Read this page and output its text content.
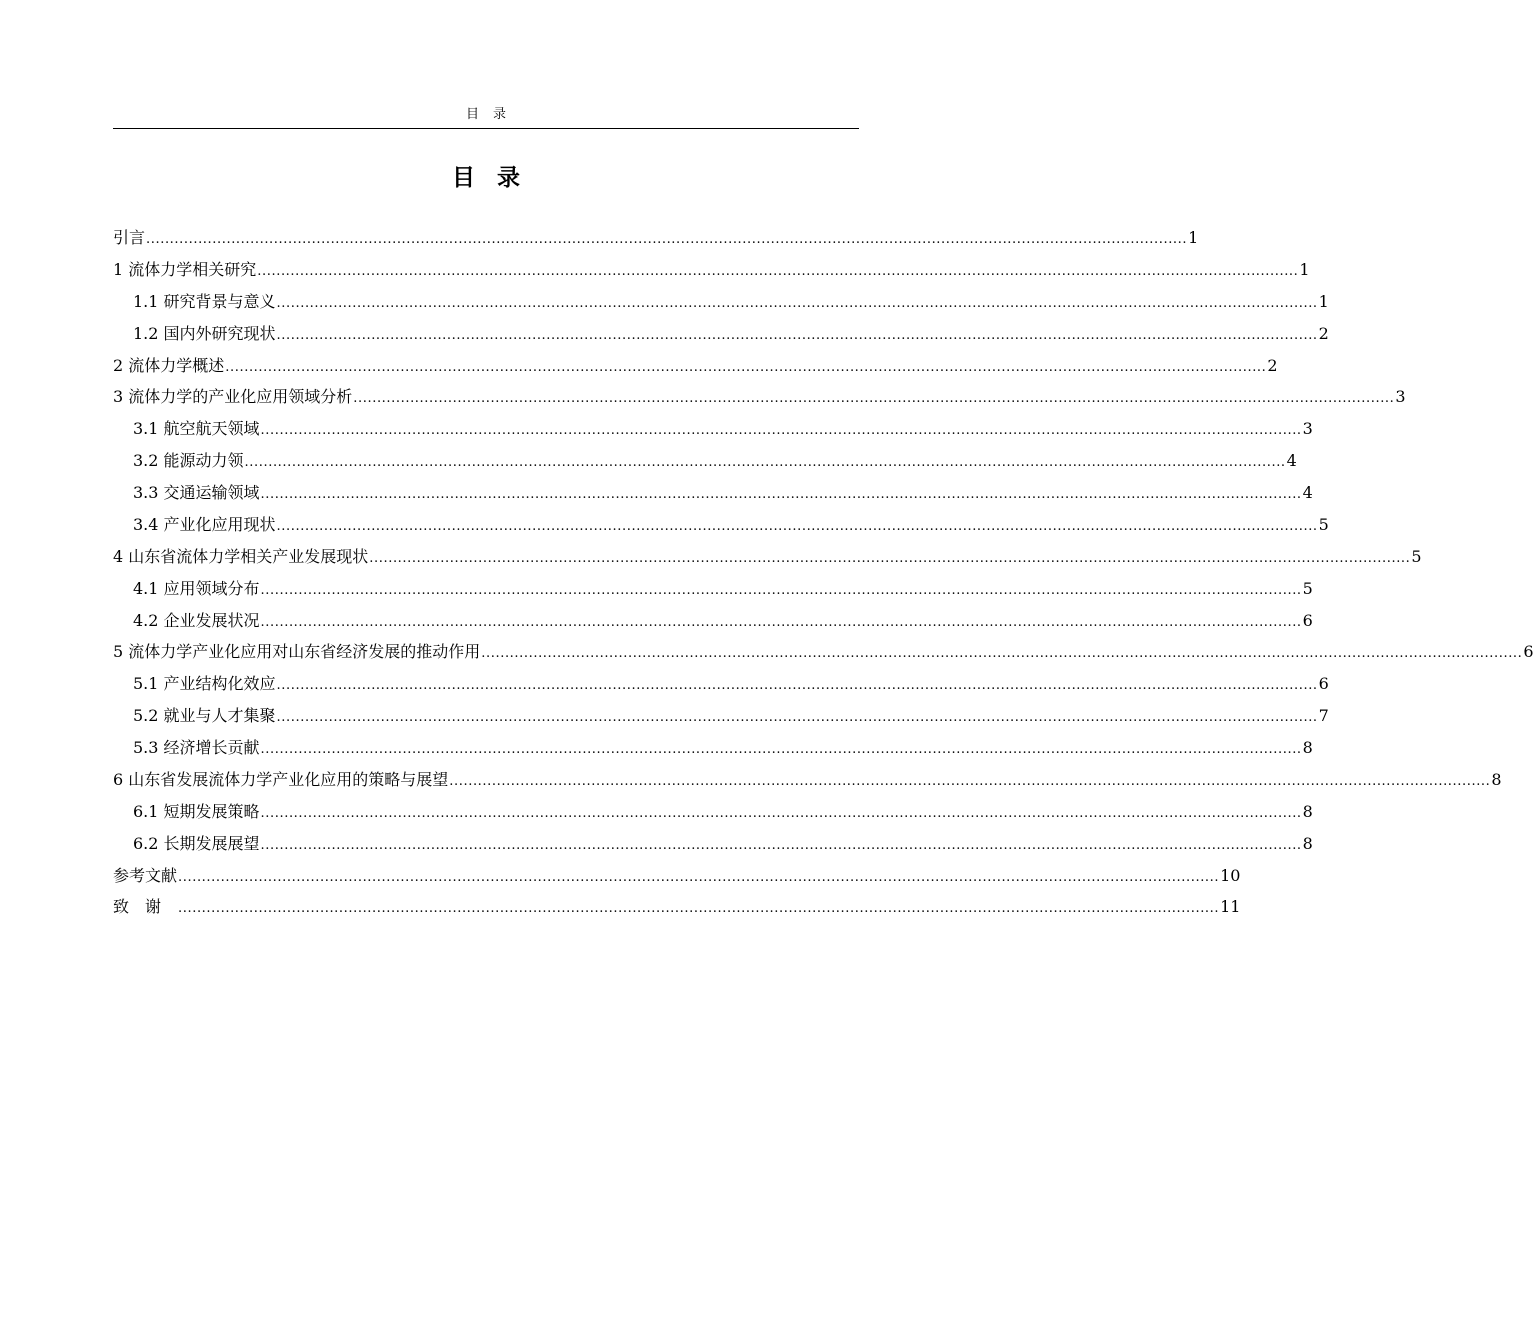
目录
目录
引言 ............................................................................................................................................................................................................................ 1
1 流体力学相关研究 ............................................................................................................................................................................................................................ 1
1.1 研究背景与意义 ............................................................................................................................................................................................................................ 1
1.2 国内外研究现状 ............................................................................................................................................................................................................................ 2
2 流体力学概述 ............................................................................................................................................................................................................................ 2
3 流体力学的产业化应用领域分析 ............................................................................................................................................................................................................................ 3
3.1 航空航天领域 ............................................................................................................................................................................................................................ 3
3.2 能源动力领 ............................................................................................................................................................................................................................ 4
3.3 交通运输领域 ............................................................................................................................................................................................................................ 4
3.4 产业化应用现状 ............................................................................................................................................................................................................................ 5
4 山东省流体力学相关产业发展现状 ............................................................................................................................................................................................................................ 5
4.1 应用领域分布 ............................................................................................................................................................................................................................ 5
4.2 企业发展状况 ............................................................................................................................................................................................................................ 6
5 流体力学产业化应用对山东省经济发展的推动作用 ............................................................................................................................................................................................................................ 6
5.1 产业结构化效应 ............................................................................................................................................................................................................................ 6
5.2 就业与人才集聚 ............................................................................................................................................................................................................................ 7
5.3 经济增长贡献 ............................................................................................................................................................................................................................ 8
6 山东省发展流体力学产业化应用的策略与展望 ............................................................................................................................................................................................................................ 8
6.1 短期发展策略 ............................................................................................................................................................................................................................ 8
6.2 长期发展展望 ............................................................................................................................................................................................................................ 8
参考文献 ............................................................................................................................................................................................................................ 10
致谢 ............................................................................................................................................................................................................................ 11
